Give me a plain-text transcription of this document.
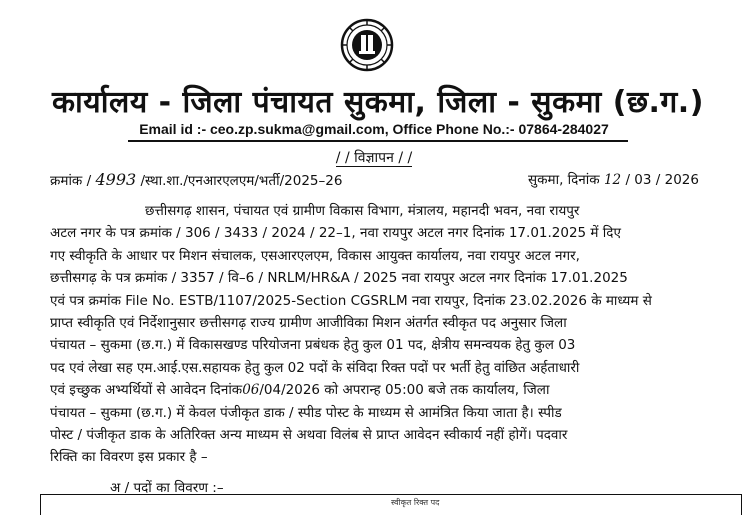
कार्यालय - जिला पंचायत सुकमा, जिला - सुकमा (छ.ग.)
Email id :- ceo.zp.sukma@gmail.com, Office Phone No.:- 07864-284027
/ / विज्ञापन / /
क्रमांक / 4993 /स्था.शा./एनआरएलएम/भर्ती/2025–26	सुकमा, दिनांक 12 / 03 / 2026
छत्तीसगढ़ शासन, पंचायत एवं ग्रामीण विकास विभाग, मंत्रालय, महानदी भवन, नवा रायपुर
अटल नगर के पत्र क्रमांक / 306 / 3433 / 2024 / 22–1, नवा रायपुर अटल नगर दिनांक 17.01.2025 में दिए
गए स्वीकृति के आधार पर मिशन संचालक, एसआरएलएम, विकास आयुक्त कार्यालय, नवा रायपुर अटल नगर,
छत्तीसगढ़ के पत्र क्रमांक / 3357 / वि–6 / NRLM/HR&A / 2025 नवा रायपुर अटल नगर दिनांक 17.01.2025
एवं पत्र क्रमांक File No. ESTB/1107/2025-Section CGSRLM नवा रायपुर, दिनांक 23.02.2026 के माध्यम से
प्राप्त स्वीकृति एवं निर्देशानुसार छत्तीसगढ़ राज्य ग्रामीण आजीविका मिशन अंतर्गत स्वीकृत पद अनुसार जिला
पंचायत – सुकमा (छ.ग.) में विकासखण्ड परियोजना प्रबंधक हेतु कुल 01 पद, क्षेत्रीय समन्वयक हेतु कुल 03
पद एवं लेखा सह एम.आई.एस.सहायक हेतु कुल 02 पदों के संविदा रिक्त पदों पर भर्ती हेतु वांछित अर्हताधारी
एवं इच्छुक अभ्यर्थियों से आवेदन दिनांक06/04/2026 को अपरान्ह 05:00 बजे तक कार्यालय, जिला
पंचायत – सुकमा (छ.ग.) में केवल पंजीकृत डाक / स्पीड पोस्ट के माध्यम से आमंत्रित किया जाता है। स्पीड
पोस्ट / पंजीकृत डाक के अतिरिक्त अन्य माध्यम से अथवा विलंब से प्राप्त आवेदन स्वीकार्य नहीं होगें। पदवार
रिक्ति का विवरण इस प्रकार है –
अ / पदों का विवरण :–
स्वीकृत रिक्त पद
